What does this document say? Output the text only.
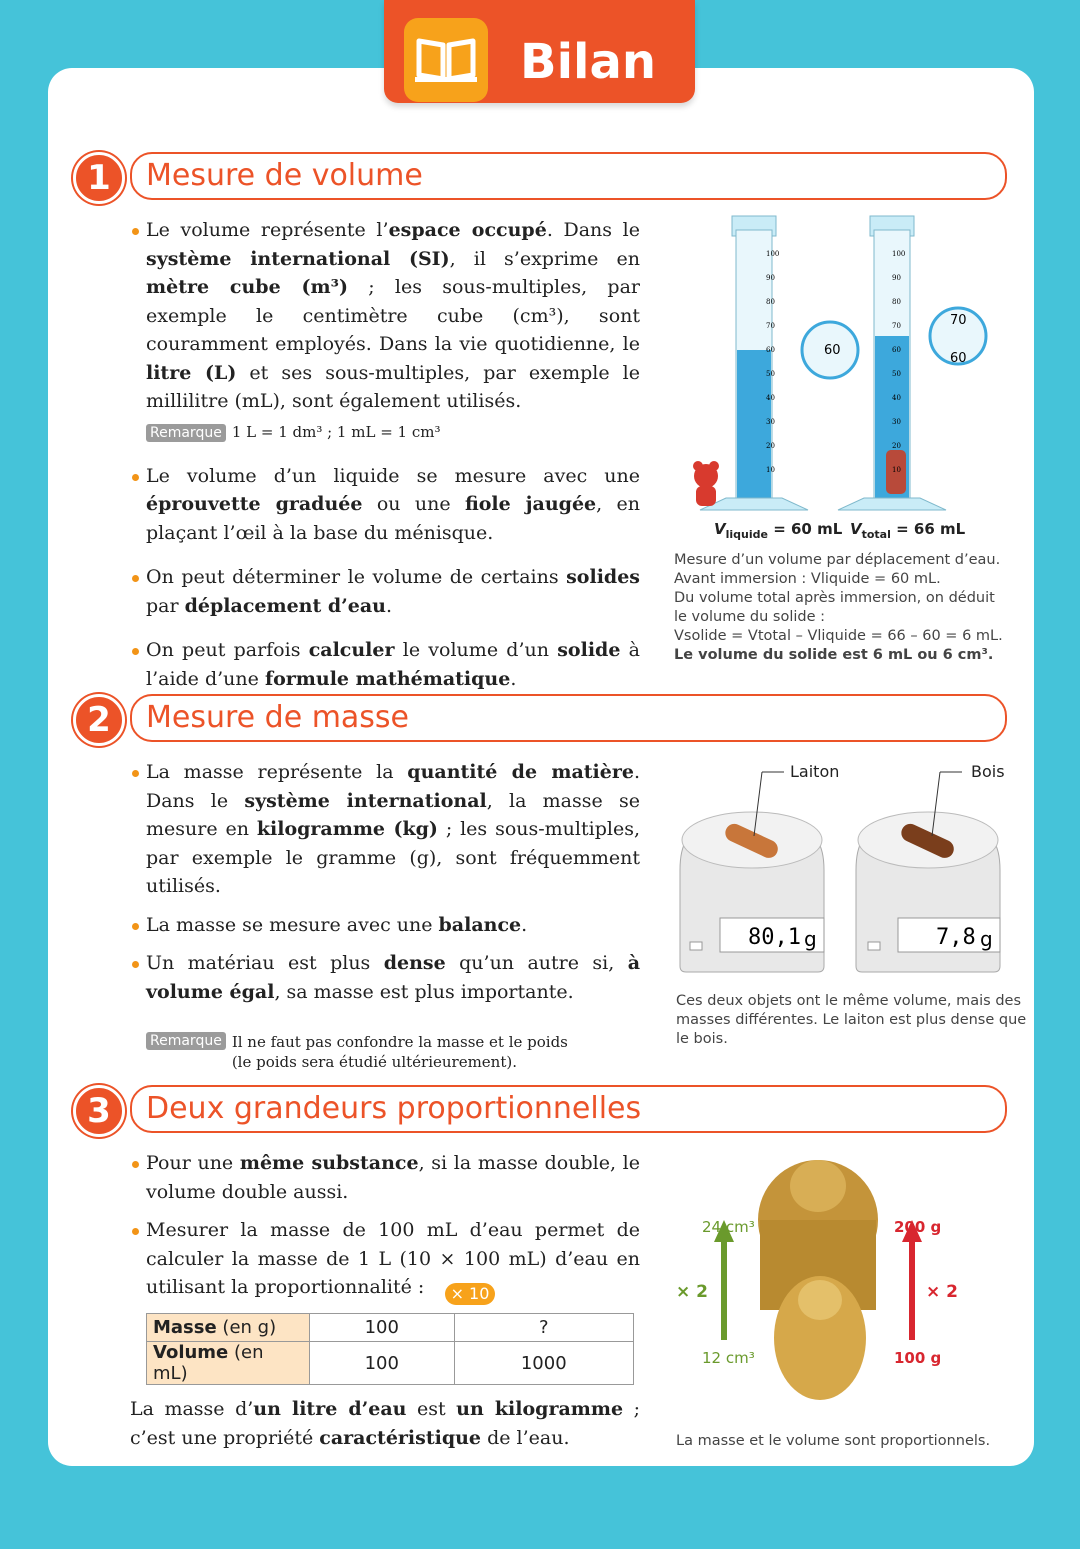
Bilan
1	Mesure de volume
Le volume représente l’espace occupé. Dans le système international (SI), il s’exprime en mètre cube (m³) ; les sous-multiples, par exemple le centimètre cube (cm³), sont couramment employés. Dans la vie quotidienne, le litre (L) et ses sous-multiples, par exemple le millilitre (mL), sont également utilisés.
Remarque 1 L = 1 dm³ ; 1 mL = 1 cm³
Le volume d’un liquide se mesure avec une éprouvette graduée ou une fiole jaugée, en plaçant l’œil à la base du ménisque.
On peut déterminer le volume de certains solides par déplacement d’eau.
On peut parfois calculer le volume d’un solide à l’aide d’une formule mathématique.
100
90
80
70
60
50
40
30
20
10
60
100
90
80
70
60
50
40
30
20
10
70
60
$V_{liquide} = 60$ mL $V_{total} = 66$ mL
Mesure d’un volume par déplacement d’eau.
Avant immersion : Vliquide = 60 mL.
Du volume total après immersion, on déduit
le volume du solide :
Vsolide = Vtotal – Vliquide = 66 – 60 = 6 mL.
Le volume du solide est 6 mL ou 6 cm³.
2	Mesure de masse
La masse représente la quantité de matière. Dans le système international, la masse se mesure en kilogramme (kg) ; les sous-multiples, par exemple le gramme (g), sont fréquemment utilisés.
La masse se mesure avec une balance.
Un matériau est plus dense qu’un autre si, à volume égal, sa masse est plus importante.
Remarque Il ne faut pas confondre la masse et le poids
(le poids sera étudié ultérieurement).
80,1 g	7,8 g
Laiton	Bois
Ces deux objets ont le même volume, mais des
masses différentes. Le laiton est plus dense que
le bois.
3	Deux grandeurs proportionnelles
Pour une même substance, si la masse double, le volume double aussi.
Mesurer la masse de 100 mL d’eau permet de calculer la masse de 1 L (10 × 100 mL) d’eau en utilisant la proportionnalité :	× 10
Masse (en g)	100	?
Volume (en mL)	100	1000
La masse d’un litre d’eau est un kilogramme ; c’est une propriété caractéristique de l’eau.
24 cm³
12 cm³
200 g
100 g
× 2	× 2
La masse et le volume sont proportionnels.
